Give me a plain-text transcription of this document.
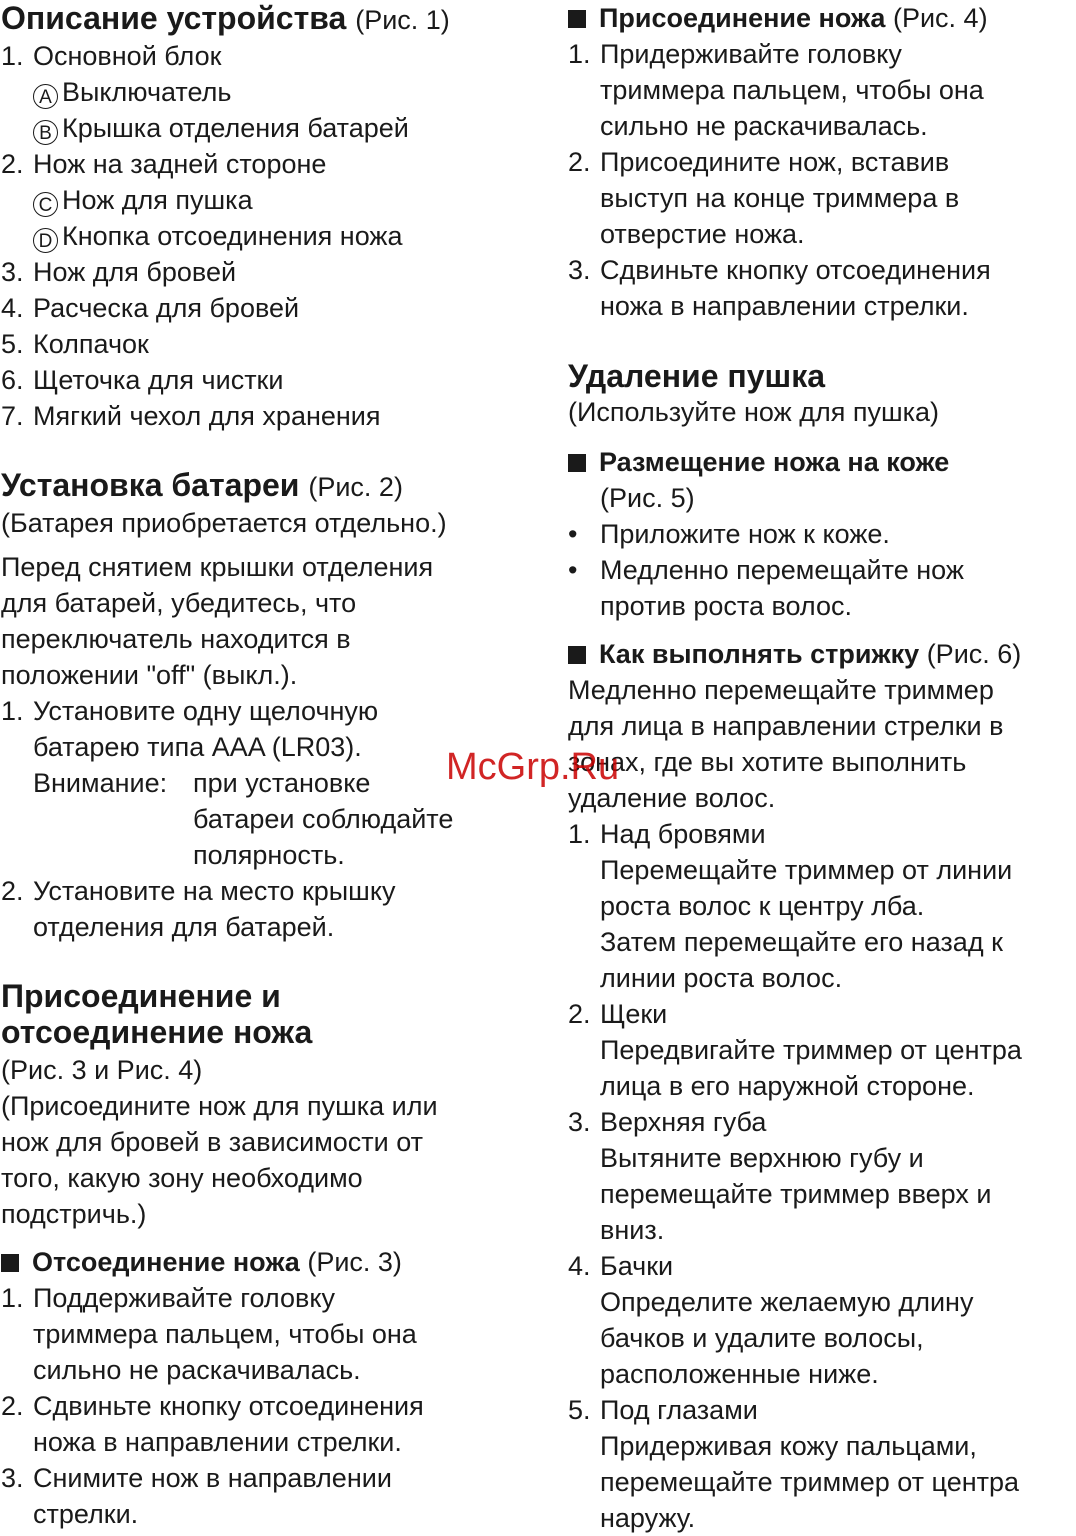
Описание устройства (Рис. 1)
1. Основной блок
A Выключатель
B Крышка отделения батарей
2. Нож на задней стороне
C Нож для пушка
D Кнопка отсоединения ножа
3. Нож для бровей
4. Расческа для бровей
5. Колпачок
6. Щеточка для чистки
7. Мягкий чехол для хранения
Установка батареи (Рис. 2)
(Батарея приобретается отдельно.)
Перед снятием крышки отделения
для батарей, убедитесь, что
переключатель находится в
положении "off" (выкл.).
1. Установите одну щелочную
батарею типа AAA (LR03).
Внимание: при установке
батареи соблюдайте
полярность.
2. Установите на место крышку
отделения для батарей.
Присоединение и
отсоединение ножа
(Рис. 3 и Рис. 4)
(Присоедините нож для пушка или
нож для бровей в зависимости от
того, какую зону необходимо
подстричь.)
Отсоединение ножа (Рис. 3)
1. Поддерживайте головку
триммера пальцем, чтобы она
сильно не раскачивалась.
2. Сдвиньте кнопку отсоединения
ножа в направлении стрелки.
3. Снимите нож в направлении
стрелки.
Присоединение ножа (Рис. 4)
1. Придерживайте головку
триммера пальцем, чтобы она
сильно не раскачивалась.
2. Присоедините нож, вставив
выступ на конце триммера в
отверстие ножа.
3. Сдвиньте кнопку отсоединения
ножа в направлении стрелки.
Удаление пушка
(Используйте нож для пушка)
Размещение ножа на коже
(Рис. 5)
• Приложите нож к коже.
• Медленно перемещайте нож
против роста волос.
Как выполнять стрижку (Рис. 6)
Медленно перемещайте триммер
для лица в направлении стрелки в
зонах, где вы хотите выполнить
удаление волос.
1. Над бровями
Перемещайте триммер от линии
роста волос к центру лба.
Затем перемещайте его назад к
линии роста волос.
2. Щеки
Передвигайте триммер от центра
лица в его наружной стороне.
3. Верхняя губа
Вытяните верхнюю губу и
перемещайте триммер вверх и
вниз.
4. Бачки
Определите желаемую длину
бачков и удалите волосы,
расположенные ниже.
5. Под глазами
Придерживая кожу пальцами,
перемещайте триммер от центра
наружу.
McGrp.Ru
